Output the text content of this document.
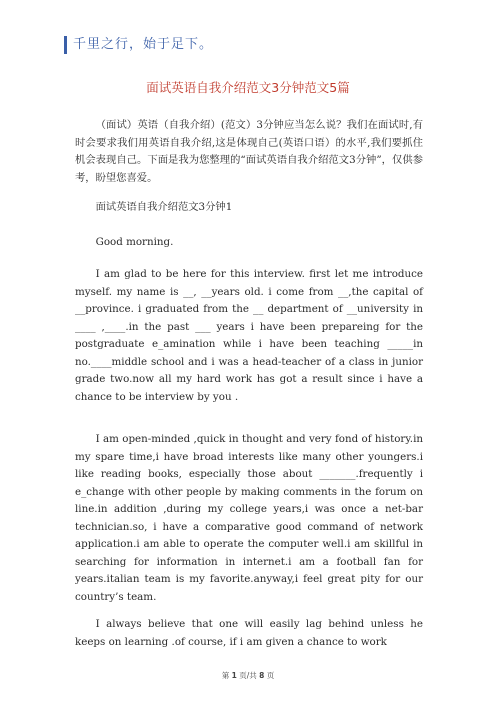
千里之行，始于足下。
面试英语自我介绍范文3分钟范文5篇

（面试）英语（自我介绍）(范文）3分钟应当怎么说？我们在面试时,有时会要求我们用英语自我介绍,这是体现自己(英语口语）的水平,我们要抓住机会表现自己。下面是我为您整理的“面试英语自我介绍范文3分钟”，仅供参考，盼望您喜爱。

面试英语自我介绍范文3分钟1

Good morning.

I am glad to be here for this interview. first let me introduce myself. my name is __, __years old. i come from __,the capital of __province. i graduated from the __ department of __university in ____ ,____.in the past ___ years i have been prepareing for the postgraduate e_amination while i have been teaching _____in no.____middle school and i was a head-teacher of a class in junior grade two.now all my hard work has got a result since i have a chance to be interview by you .

I am open-minded ,quick in thought and very fond of history.in my spare time,i have broad interests like many other youngers.i like reading books, especially those about _______.frequently i e_change with other people by making comments in the forum on line.in addition ,during my college years,i was once a net-bar technician.so, i have a comparative good command of network application.i am able to operate the computer well.i am skillful in searching for information in internet.i am a football fan for years.italian team is my favorite.anyway,i feel great pity for our country’s team.

I always believe that one will easily lag behind unless he keeps on learning .of course, if i am given a chance to work

第 1 页/共 8 页
